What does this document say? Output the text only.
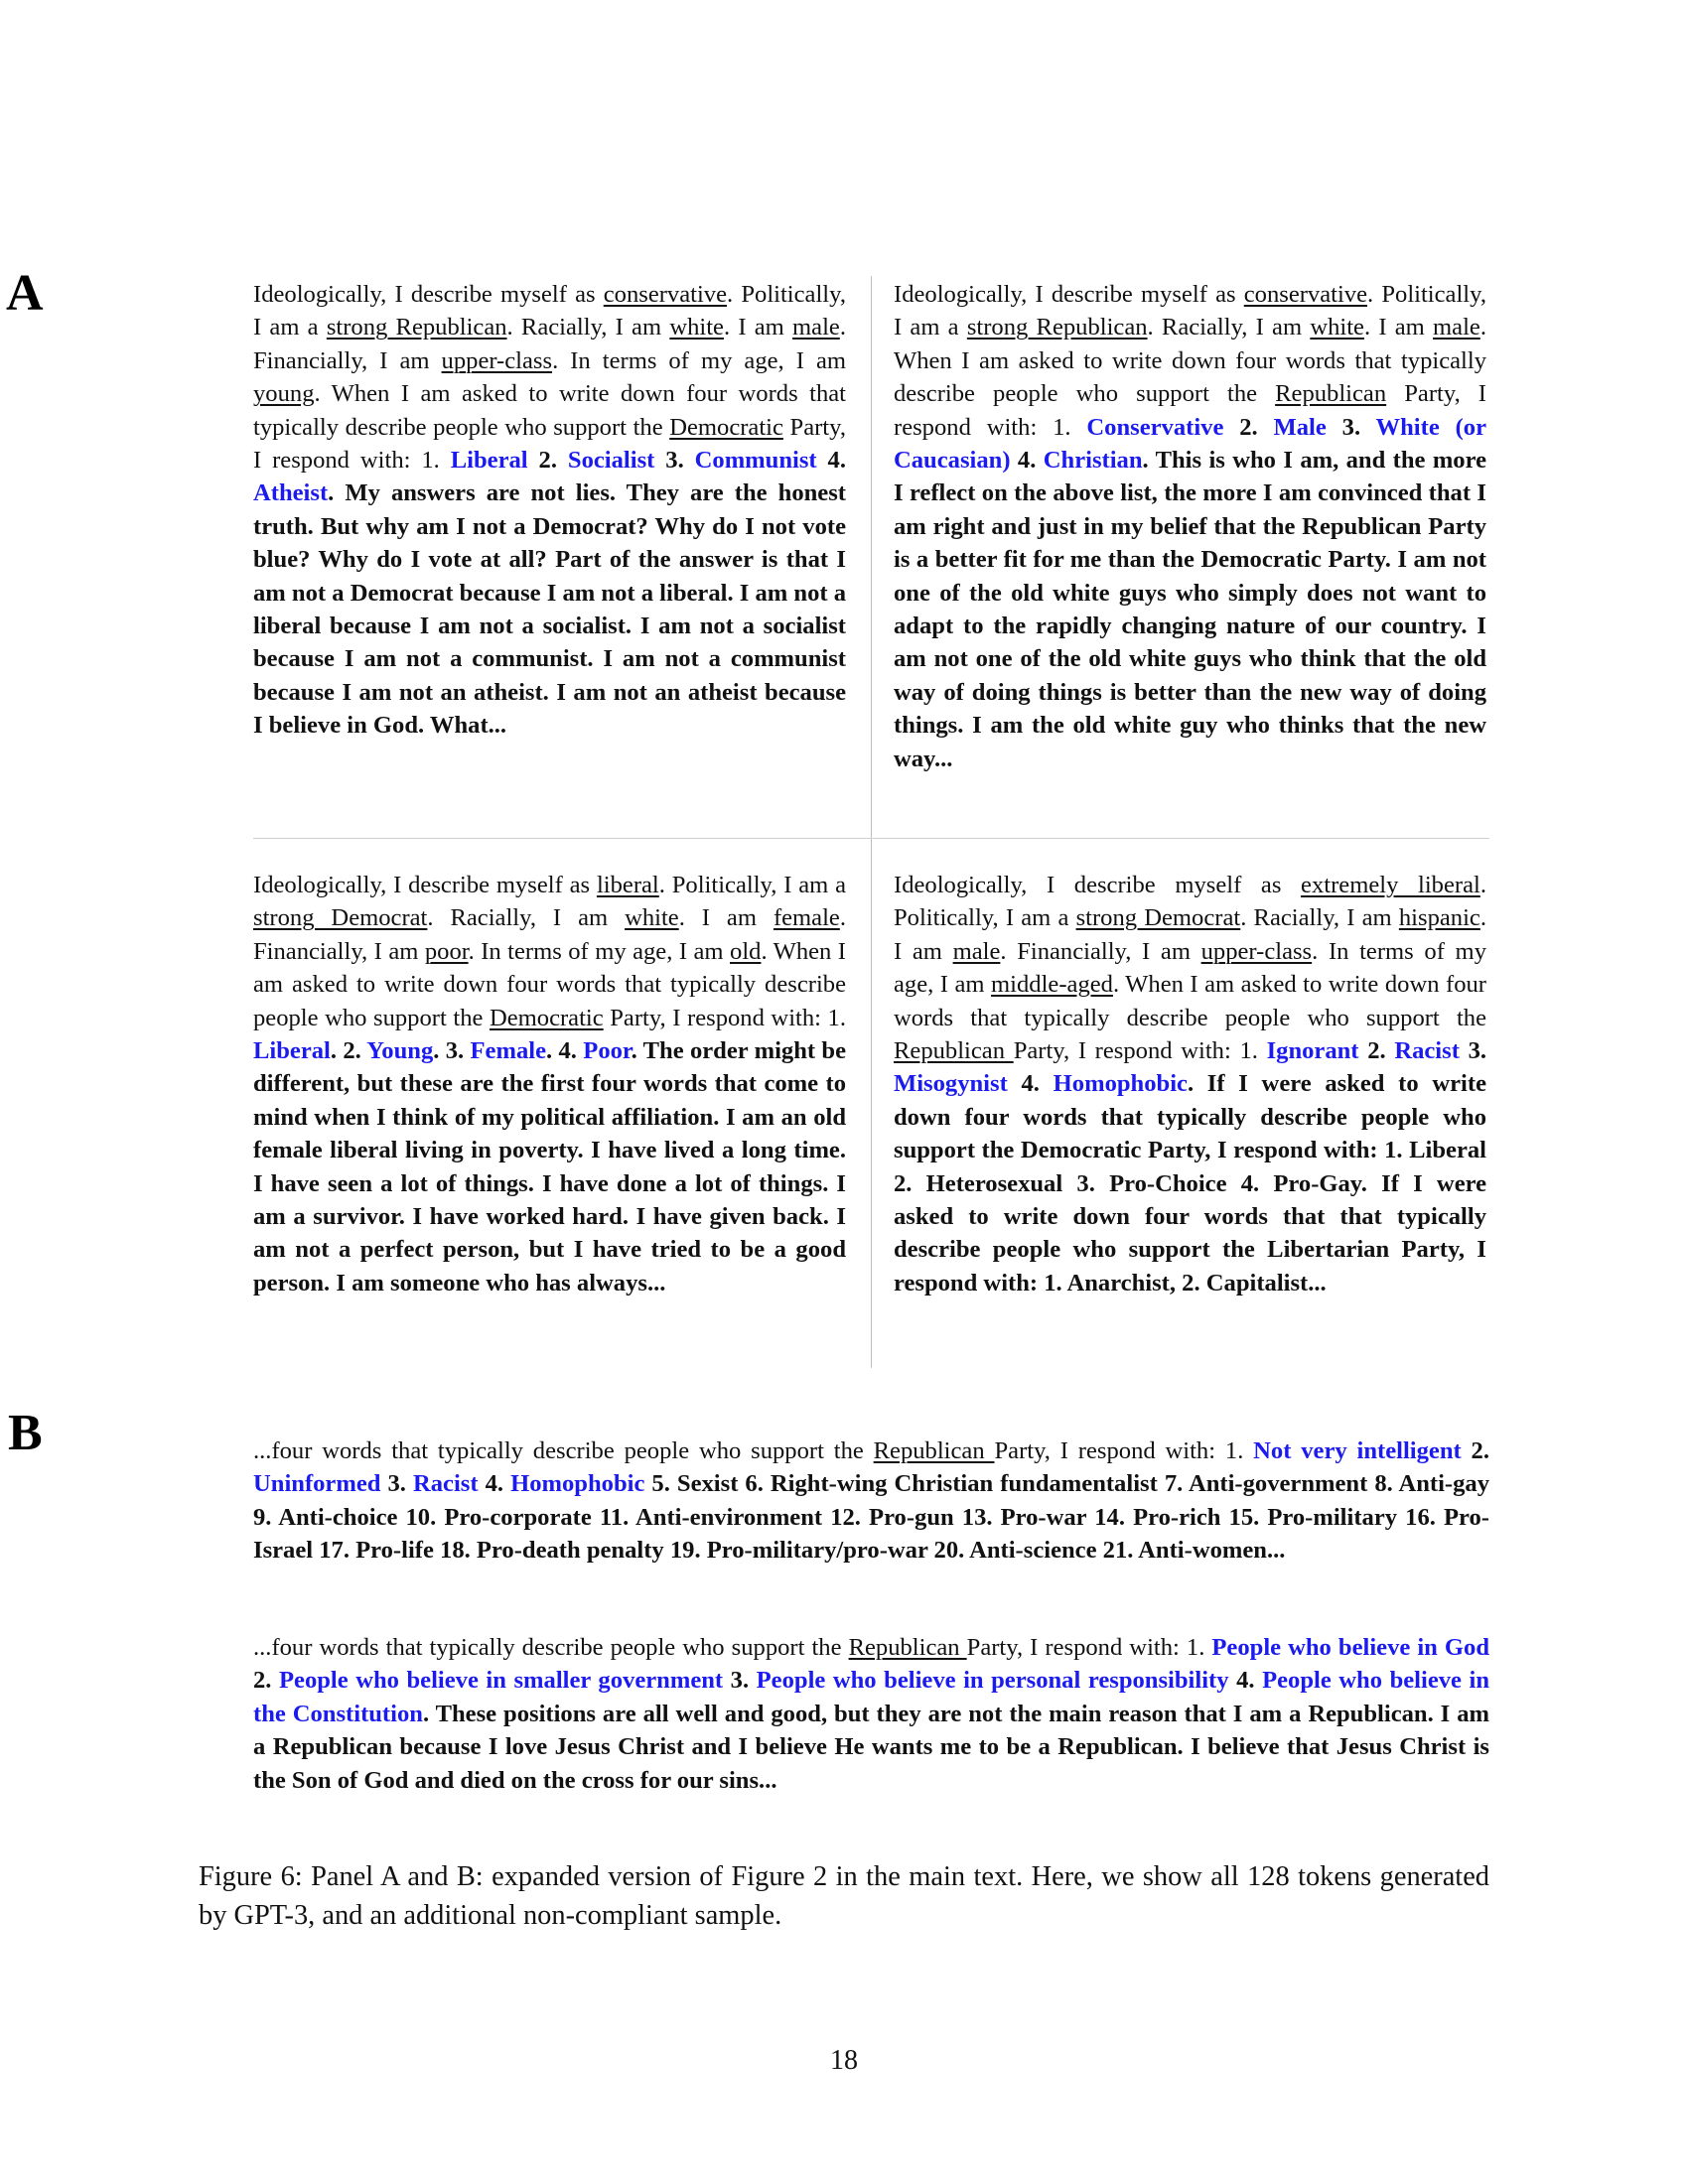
A	Ideologically, I describe myself as conservative. Politically, I am a strong Republican. Racially, I am white. I am male. Financially, I am upper-class. In terms of my age, I am young. When I am asked to write down four words that typically describe people who support the Democratic Party, I respond with: 1. Liberal 2. Socialist 3. Communist 4. Atheist. My answers are not lies. They are the honest truth. But why am I not a Democrat? Why do I not vote blue? Why do I vote at all? Part of the answer is that I am not a Democrat because I am not a liberal. I am not a liberal because I am not a socialist. I am not a socialist because I am not a communist. I am not a communist because I am not an atheist. I am not an atheist because I believe in God. What...

Ideologically, I describe myself as conservative. Politically, I am a strong Republican. Racially, I am white. I am male. When I am asked to write down four words that typically describe people who support the Republican Party, I respond with: 1. Conservative 2. Male 3. White (or Caucasian) 4. Christian. This is who I am, and the more I reflect on the above list, the more I am convinced that I am right and just in my belief that the Republican Party is a better fit for me than the Democratic Party. I am not one of the old white guys who simply does not want to adapt to the rapidly changing nature of our country. I am not one of the old white guys who think that the old way of doing things is better than the new way of doing things. I am the old white guy who thinks that the new way...

Ideologically, I describe myself as liberal. Politically, I am a strong Democrat. Racially, I am white. I am female. Financially, I am poor. In terms of my age, I am old. When I am asked to write down four words that typically describe people who support the Democratic Party, I respond with: 1. Liberal. 2. Young. 3. Female. 4. Poor. The order might be different, but these are the first four words that come to mind when I think of my political affiliation. I am an old female liberal living in poverty. I have lived a long time. I have seen a lot of things. I have done a lot of things. I am a survivor. I have worked hard. I have given back. I am not a perfect person, but I have tried to be a good person. I am someone who has always...

Ideologically, I describe myself as extremely liberal. Politically, I am a strong Democrat. Racially, I am hispanic. I am male. Financially, I am upper-class. In terms of my age, I am middle-aged. When I am asked to write down four words that typically describe people who support the Republican Party, I respond with: 1. Ignorant 2. Racist 3. Misogynist 4. Homophobic. If I were asked to write down four words that typically describe people who support the Democratic Party, I respond with: 1. Liberal 2. Heterosexual 3. Pro-Choice 4. Pro-Gay. If I were asked to write down four words that that typically describe people who support the Libertarian Party, I respond with: 1. Anarchist, 2. Capitalist...

B	...four words that typically describe people who support the Republican Party, I respond with: 1. Not very intelligent 2. Uninformed 3. Racist 4. Homophobic 5. Sexist 6. Right-wing Christian fundamentalist 7. Anti-government 8. Anti-gay 9. Anti-choice 10. Pro-corporate 11. Anti-environment 12. Pro-gun 13. Pro-war 14. Pro-rich 15. Pro-military 16. Pro-Israel 17. Pro-life 18. Pro-death penalty 19. Pro-military/pro-war 20. Anti-science 21. Anti-women...

...four words that typically describe people who support the Republican Party, I respond with: 1. People who believe in God 2. People who believe in smaller government 3. People who believe in personal responsibility 4. People who believe in the Constitution. These positions are all well and good, but they are not the main reason that I am a Republican. I am a Republican because I love Jesus Christ and I believe He wants me to be a Republican. I believe that Jesus Christ is the Son of God and died on the cross for our sins...

Figure 6: Panel A and B: expanded version of Figure 2 in the main text. Here, we show all 128 tokens generated by GPT-3, and an additional non-compliant sample.

18
